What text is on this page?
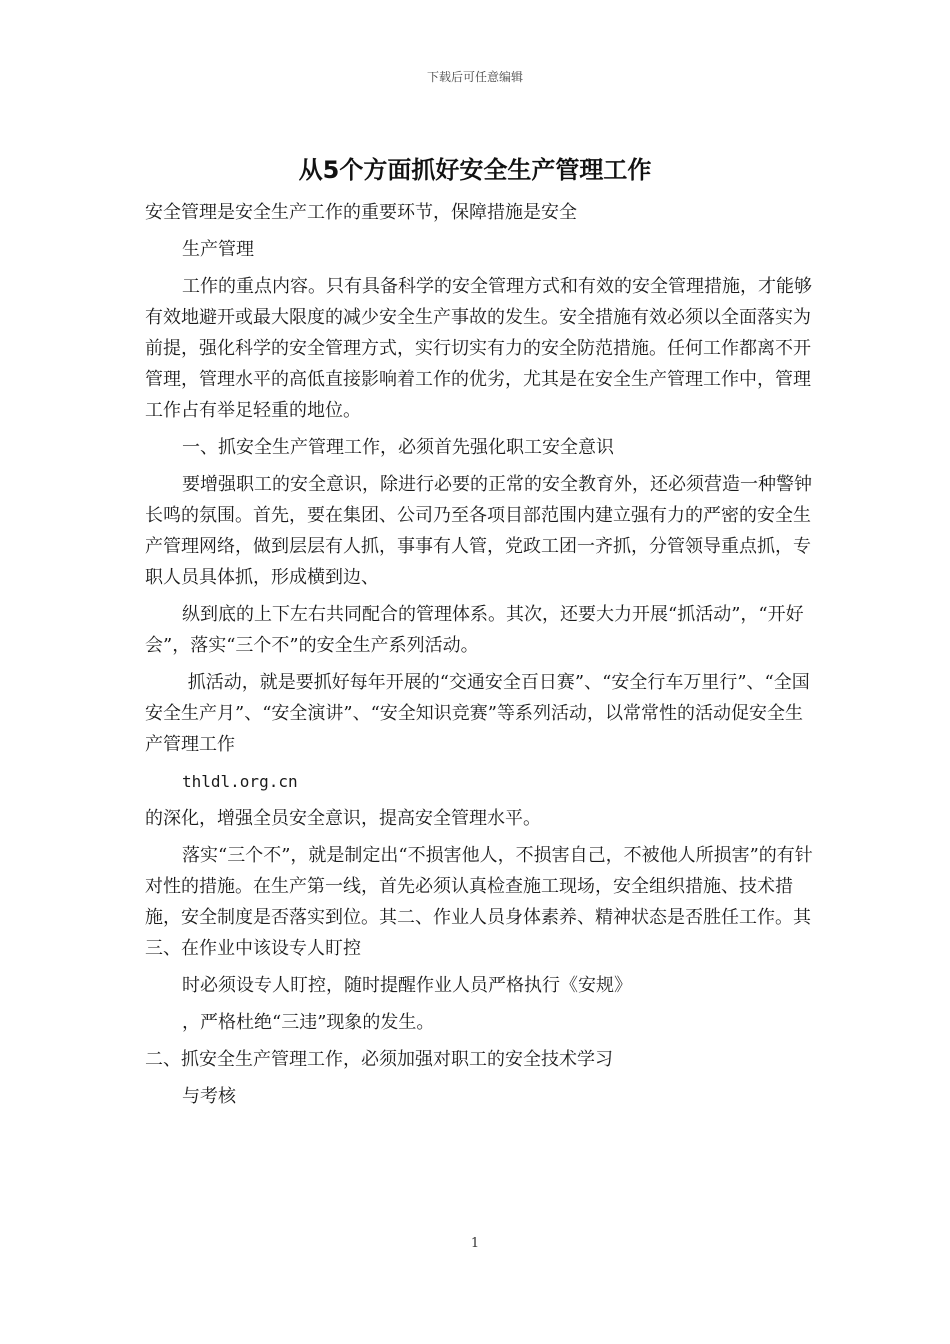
下载后可任意编辑
从5个方面抓好安全生产管理工作

安全管理是安全生产工作的重要环节，保障措施是安全

生产管理

工作的重点内容。只有具备科学的安全管理方式和有效的安全管理措施，才能够有效地避开或最大限度的减少安全生产事故的发生。安全措施有效必须以全面落实为前提，强化科学的安全管理方式，实行切实有力的安全防范措施。任何工作都离不开管理，管理水平的高低直接影响着工作的优劣，尤其是在安全生产管理工作中，管理工作占有举足轻重的地位。

一、抓安全生产管理工作，必须首先强化职工安全意识

要增强职工的安全意识，除进行必要的正常的安全教育外，还必须营造一种警钟长鸣的氛围。首先，要在集团、公司乃至各项目部范围内建立强有力的严密的安全生产管理网络，做到层层有人抓，事事有人管，党政工团一齐抓，分管领导重点抓，专职人员具体抓，形成横到边、

纵到底的上下左右共同配合的管理体系。其次，还要大力开展“抓活动”，“开好会”，落实“三个不”的安全生产系列活动。

抓活动，就是要抓好每年开展的“交通安全百日赛”、“安全行车万里行”、“全国安全生产月”、“安全演讲”、“安全知识竞赛”等系列活动，以常常性的活动促安全生产管理工作

thldl.org.cn

的深化，增强全员安全意识，提高安全管理水平。

落实“三个不”，就是制定出“不损害他人，不损害自己，不被他人所损害”的有针对性的措施。在生产第一线，首先必须认真检查施工现场，安全组织措施、技术措施，安全制度是否落实到位。其二、作业人员身体素养、精神状态是否胜任工作。其三、在作业中该设专人盯控

时必须设专人盯控，随时提醒作业人员严格执行《安规》

，严格杜绝“三违”现象的发生。

二、抓安全生产管理工作，必须加强对职工的安全技术学习

与考核

1
